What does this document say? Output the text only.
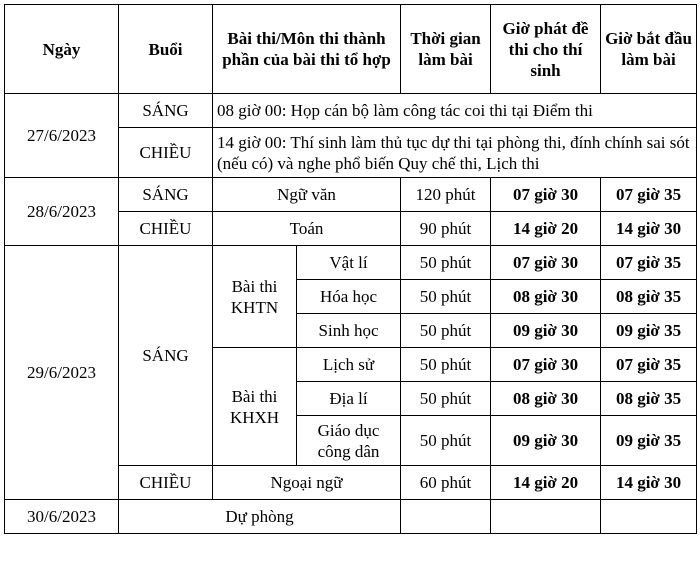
Ngày	Buổi	Bài thi/Môn thi thành phần của bài thi tổ hợp		Thời gian làm bài	Giờ phát đề thi cho thí sinh	Giờ bắt đầu làm bài
27/6/2023	SÁNG	08 giờ 00: Họp cán bộ làm công tác coi thi tại Điểm thi				
	CHIỀU	14 giờ 00: Thí sinh làm thủ tục dự thi tại phòng thi, đính chính sai sót (nếu có) và nghe phổ biến Quy chế thi, Lịch thi				
28/6/2023	SÁNG	Ngữ văn		120 phút	07 giờ 30	07 giờ 35
	CHIỀU	Toán		90 phút	14 giờ 20	14 giờ 30
29/6/2023	SÁNG	Bài thi KHTN	Vật lí	50 phút	07 giờ 30	07 giờ 35
			Hóa học	50 phút	08 giờ 30	08 giờ 35
			Sinh học	50 phút	09 giờ 30	09 giờ 35
		Bài thi KHXH	Lịch sử	50 phút	07 giờ 30	07 giờ 35
			Địa lí	50 phút	08 giờ 30	08 giờ 35
			Giáo dục công dân	50 phút	09 giờ 30	09 giờ 35
	CHIỀU	Ngoại ngữ		60 phút	14 giờ 20	14 giờ 30
30/6/2023	Dự phòng					
